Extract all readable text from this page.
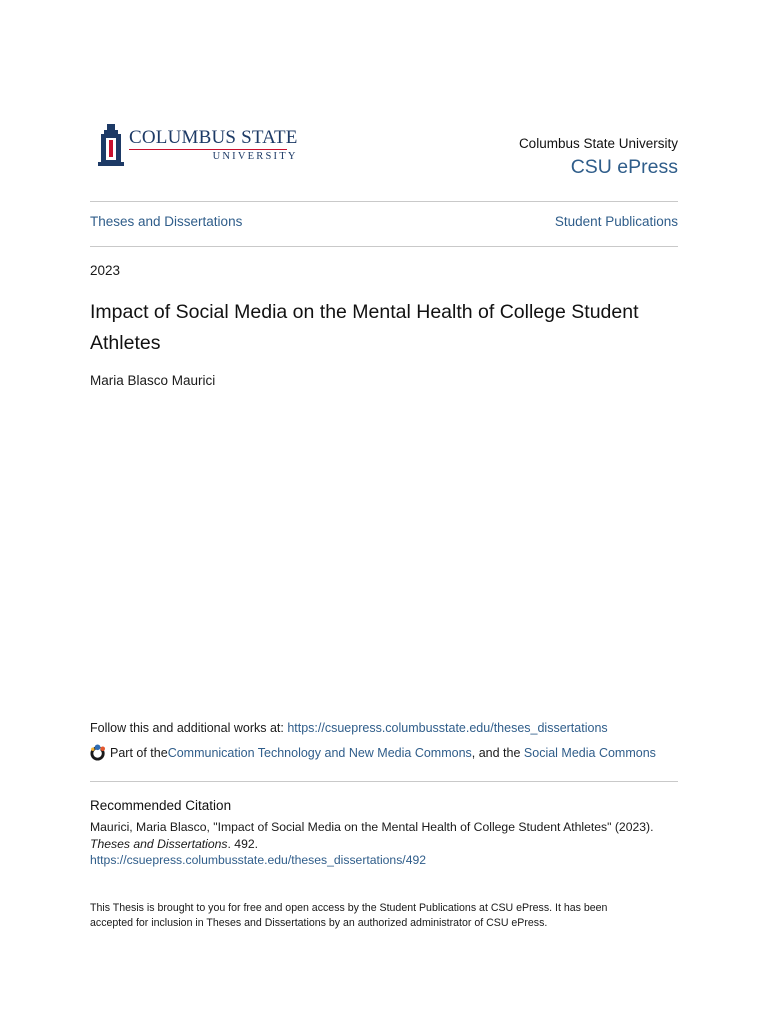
COLUMBUS STATE
UNIVERSITY
Columbus State University
CSU ePress
Theses and Dissertations	Student Publications
2023
Impact of Social Media on the Mental Health of College Student Athletes
Maria Blasco Maurici
Follow this and additional works at: https://csuepress.columbusstate.edu/theses_dissertations
Part of the Communication Technology and New Media Commons , and the Social Media Commons
Recommended Citation
Maurici, Maria Blasco, "Impact of Social Media on the Mental Health of College Student Athletes" (2023).
Theses and Dissertations. 492.
https://csuepress.columbusstate.edu/theses_dissertations/492
This Thesis is brought to you for free and open access by the Student Publications at CSU ePress. It has been accepted for inclusion in Theses and Dissertations by an authorized administrator of CSU ePress.
